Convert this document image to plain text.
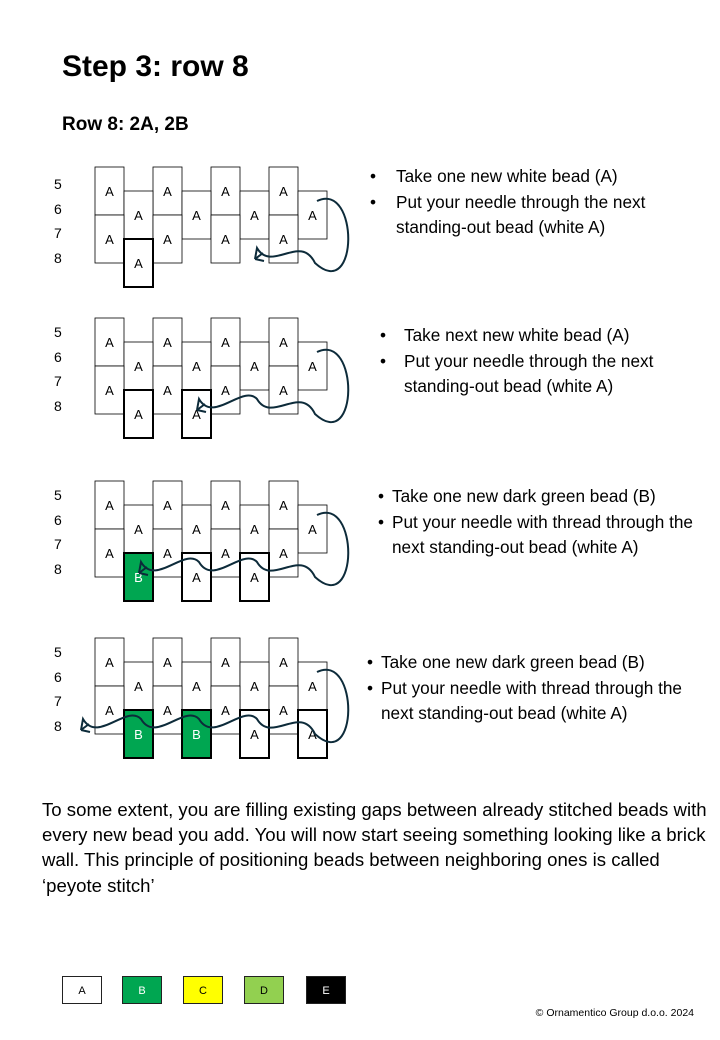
Step 3: row 8
Row 8: 2A, 2B
5
6
7
8
A	A	A	A
A	A	A	A
A	A	A	A
A
• Take one new white bead (A)
• Put your needle through the next standing-out bead (white A)
5
6
7
8
A	A	A	A
A	A	A	A
A	A	A	A
A	A
• Take next new white bead (A)
• Put your needle through the next standing-out bead (white A)
5
6
7
8
A	A	A	A
A	A	A	A
A	A	A	A
B	A	A
• Take one new dark green bead (B)
• Put your needle with thread through the next standing-out bead (white A)
5
6
7
8
A	A	A	A
A	A	A	A
A	A	A	A
B	B	A	A
• Take one new dark green bead (B)
• Put your needle with thread through the next standing-out bead (white A)
To some extent, you are filling existing gaps between already stitched beads with every new bead you add. You will now start seeing something looking like a brick wall. This principle of positioning beads between neighboring ones is called ‘peyote stitch’
A	B	C	D	E
© Ornamentico Group d.o.o. 2024
